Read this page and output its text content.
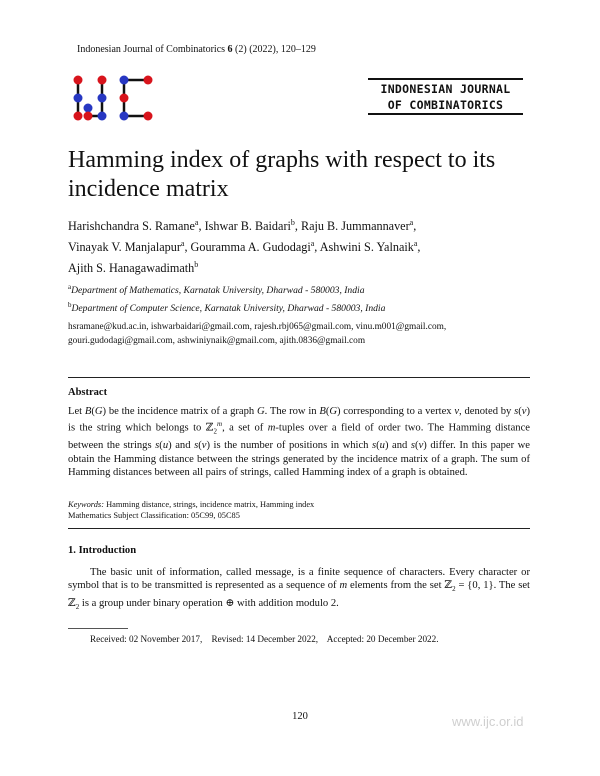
Indonesian Journal of Combinatorics 6 (2) (2022), 120–129
INDONESIAN JOURNAL
OF COMBINATORICS
Hamming index of graphs with respect to its incidence matrix
Harishchandra S. Ramane$^a$, Ishwar B. Baidari$^b$, Raju B. Jummannaver$^a$,
Vinayak V. Manjalapur$^a$, Gouramma A. Gudodagi$^a$, Ashwini S. Yalnaik$^a$,
Ajith S. Hanagawadimath$^b$
$^a$Department of Mathematics, Karnatak University, Dharwad - 580003, India
$^b$Department of Computer Science, Karnatak University, Dharwad - 580003, India
hsramane@kud.ac.in, ishwarbaidari@gmail.com, rajesh.rbj065@gmail.com, vinu.m001@gmail.com,
gouri.gudodagi@gmail.com, ashwiniynaik@gmail.com, ajith.0836@gmail.com
Abstract
Let B(G) be the incidence matrix of a graph G. The row in B(G) corresponding to a vertex v, denoted by s(v) is the string which belongs to ℤ$_2^m$, a set of m-tuples over a field of order two. The Hamming distance between the strings s(u) and s(v) is the number of positions in which s(u) and s(v) differ. In this paper we obtain the Hamming distance between the strings generated by the incidence matrix of a graph. The sum of Hamming distances between all pairs of strings, called Hamming index of a graph is obtained.
Keywords: Hamming distance, strings, incidence matrix, Hamming index
Mathematics Subject Classification: 05C99, 05C85
1. Introduction
The basic unit of information, called message, is a finite sequence of characters. Every character or symbol that is to be transmitted is represented as a sequence of m elements from the set ℤ$_2$ = {0, 1}. The set ℤ$_2$ is a group under binary operation ⊕ with addition modulo 2.
Received: 02 November 2017, Revised: 14 December 2022, Accepted: 20 December 2022.
120	www.ijc.or.id
